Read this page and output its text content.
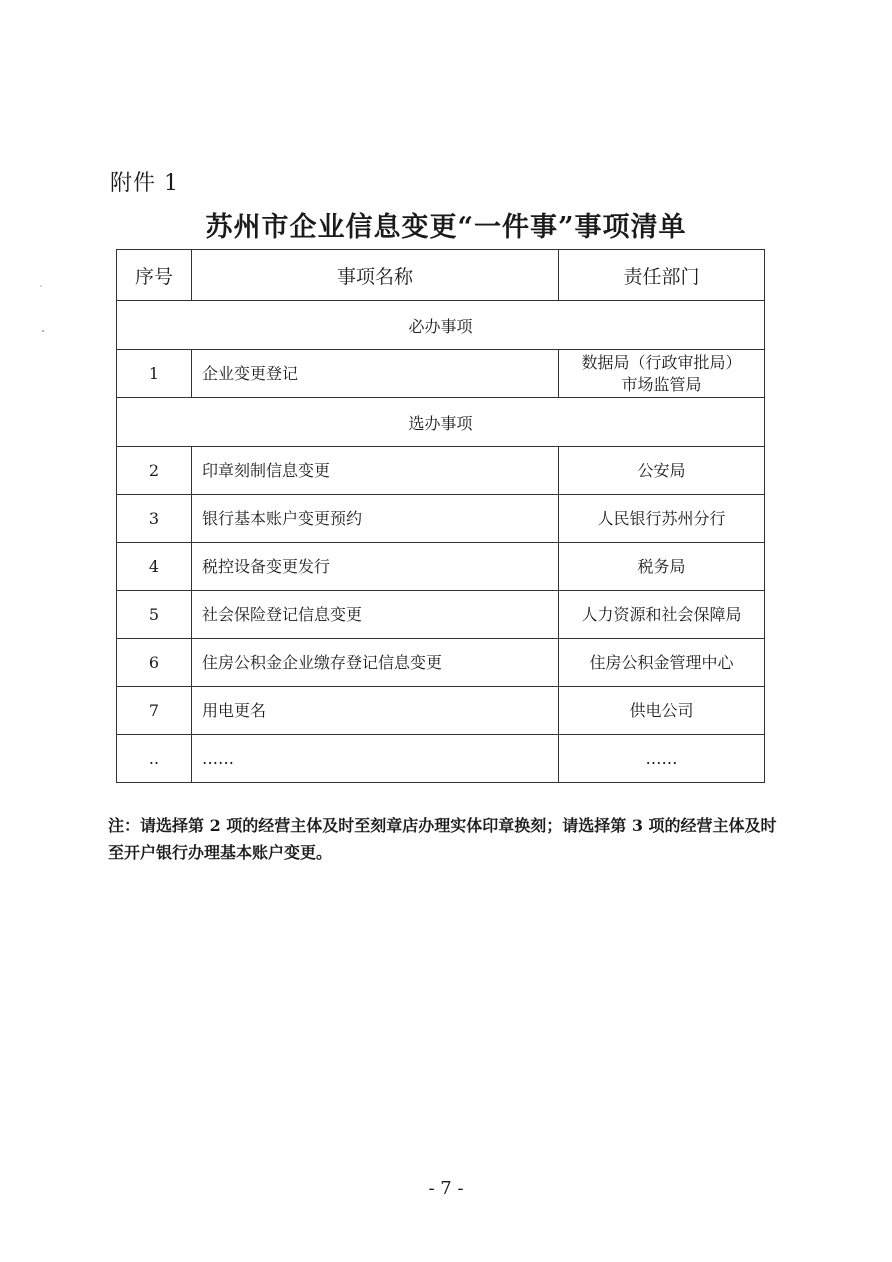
附件 1
苏州市企业信息变更“一件事”事项清单
序号	事项名称	责任部门
必办事项		
1	企业变更登记	数据局（行政审批局）
市场监管局

选办事项		
2	印章刻制信息变更	公安局
3	银行基本账户变更预约	人民银行苏州分行
4	税控设备变更发行	税务局
5	社会保险登记信息变更	人力资源和社会保障局
6	住房公积金企业缴存登记信息变更	住房公积金管理中心
7	用电更名	供电公司
..	……	……
注：请选择第 2 项的经营主体及时至刻章店办理实体印章换刻；请选择第 3 项的经营主体及时至开户银行办理基本账户变更。
- 7 -
